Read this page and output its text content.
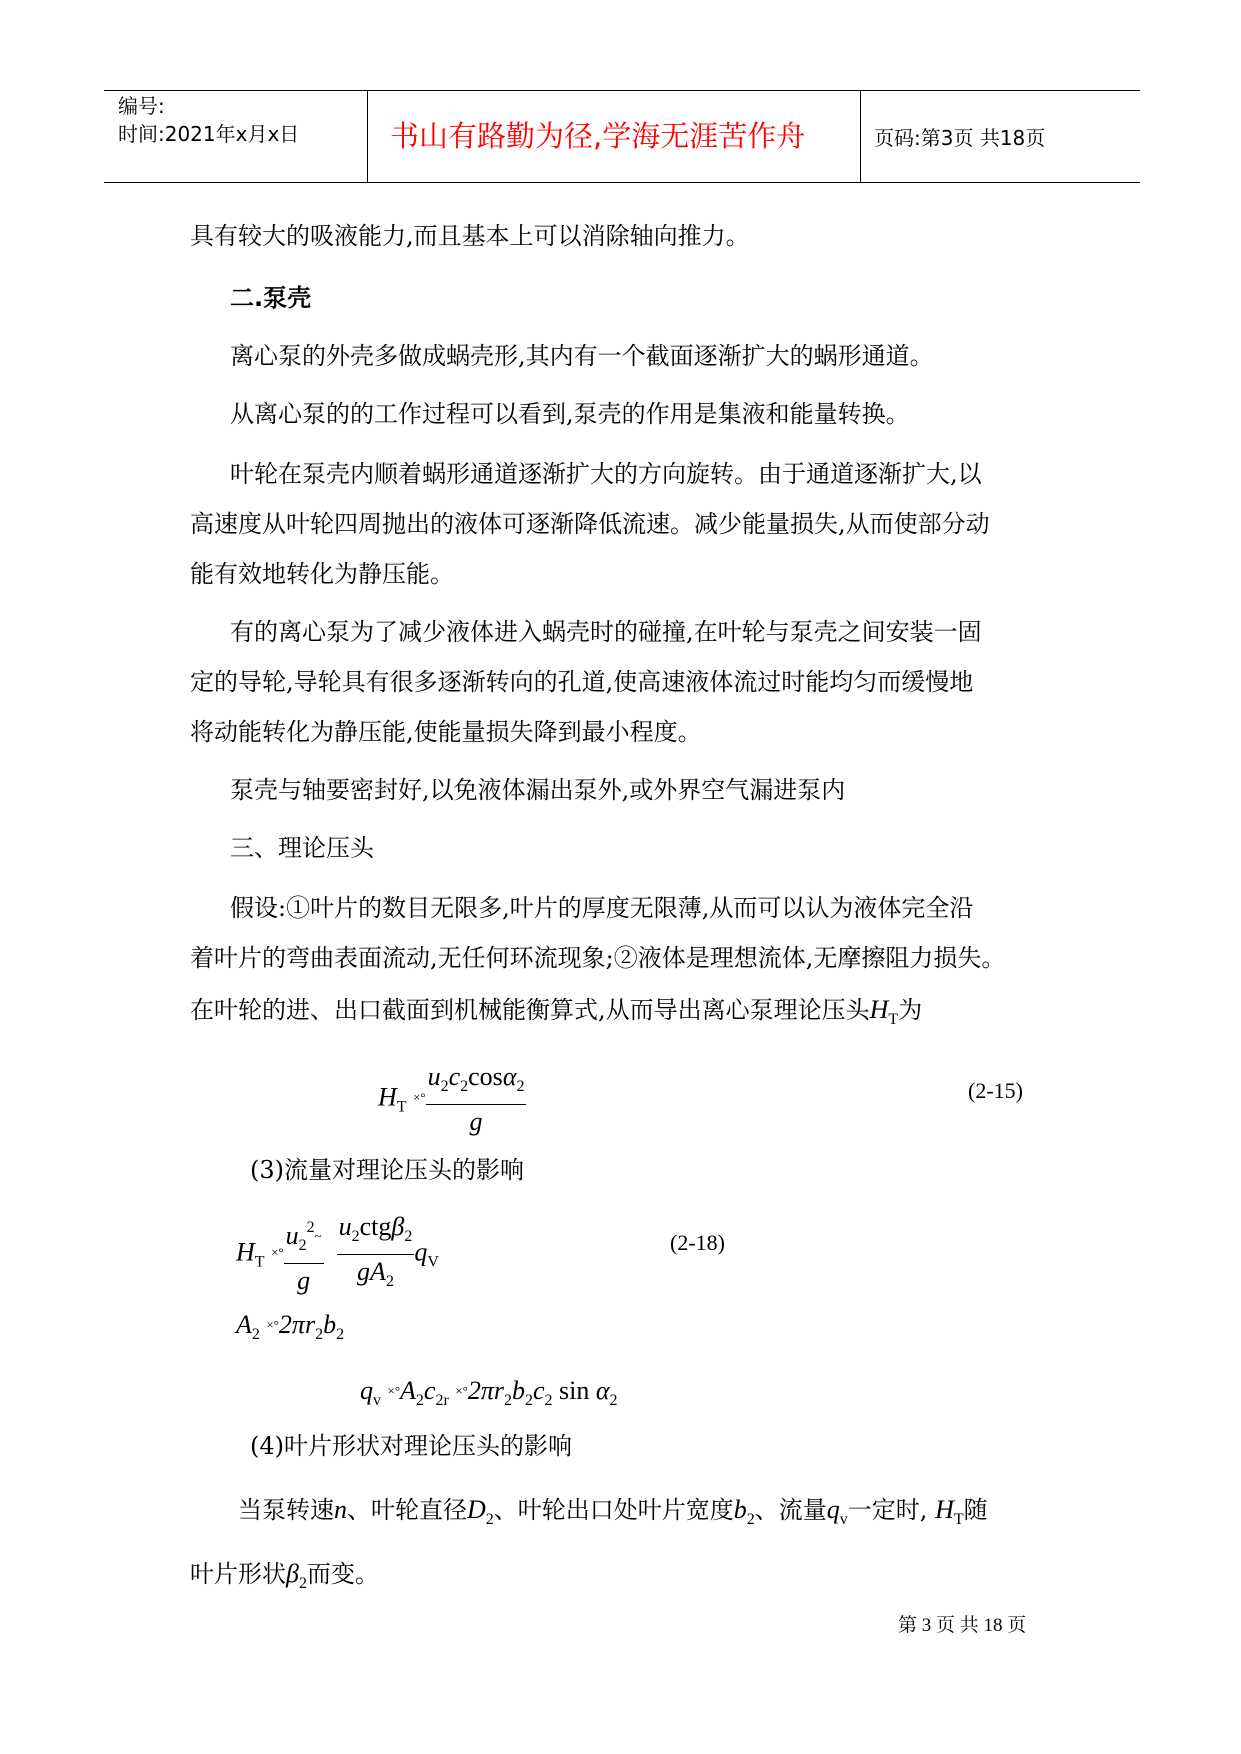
编号:
时间:2021年x月x日	书山有路勤为径,学海无涯苦作舟	页码:第3页 共18页
具有较大的吸液能力,而且基本上可以消除轴向推力。
二.泵壳
离心泵的外壳多做成蜗壳形,其内有一个截面逐渐扩大的蜗形通道。
从离心泵的的工作过程可以看到,泵壳的作用是集液和能量转换。
叶轮在泵壳内顺着蜗形通道逐渐扩大的方向旋转。由于通道逐渐扩大,以
高速度从叶轮四周抛出的液体可逐渐降低流速。减少能量损失,从而使部分动
能有效地转化为静压能。
有的离心泵为了减少液体进入蜗壳时的碰撞,在叶轮与泵壳之间安装一固
定的导轮,导轮具有很多逐渐转向的孔道,使高速液体流过时能均匀而缓慢地
将动能转化为静压能,使能量损失降到最小程度。
泵壳与轴要密封好,以免液体漏出泵外,或外界空气漏进泵内
三、理论压头
假设:①叶片的数目无限多,叶片的厚度无限薄,从而可以认为液体完全沿
着叶片的弯曲表面流动,无任何环流现象;②液体是理想流体,无摩擦阻力损失。
在叶轮的进、出口截面到机械能衡算式,从而导出离心泵理论压头$H_T$为
$H_T$ ×° $\frac{u_2c_2\cos\alpha_2}{g}$	(2-15)
(3)流量对理论压头的影响
$H_T$ ×° $\frac{u_2^2\sim}{g}$
$\frac{u_2ctg\beta_2}{gA_2} q_V$
(2-18)
$A_2 \times^\circ 2\pi r_2b_2$
$q_v \times^\circ A_2c_{2r} \times^\circ 2\pi r_2b_2c_2$ $\sin \alpha_2$
(4)叶片形状对理论压头的影响
当泵转速n、叶轮直径$D_2$、叶轮出口处叶片宽度$b_2$、流量$q_v$一定时, $H_T$随
叶片形状$\beta_2$而变。
第 3 页 共 18 页
